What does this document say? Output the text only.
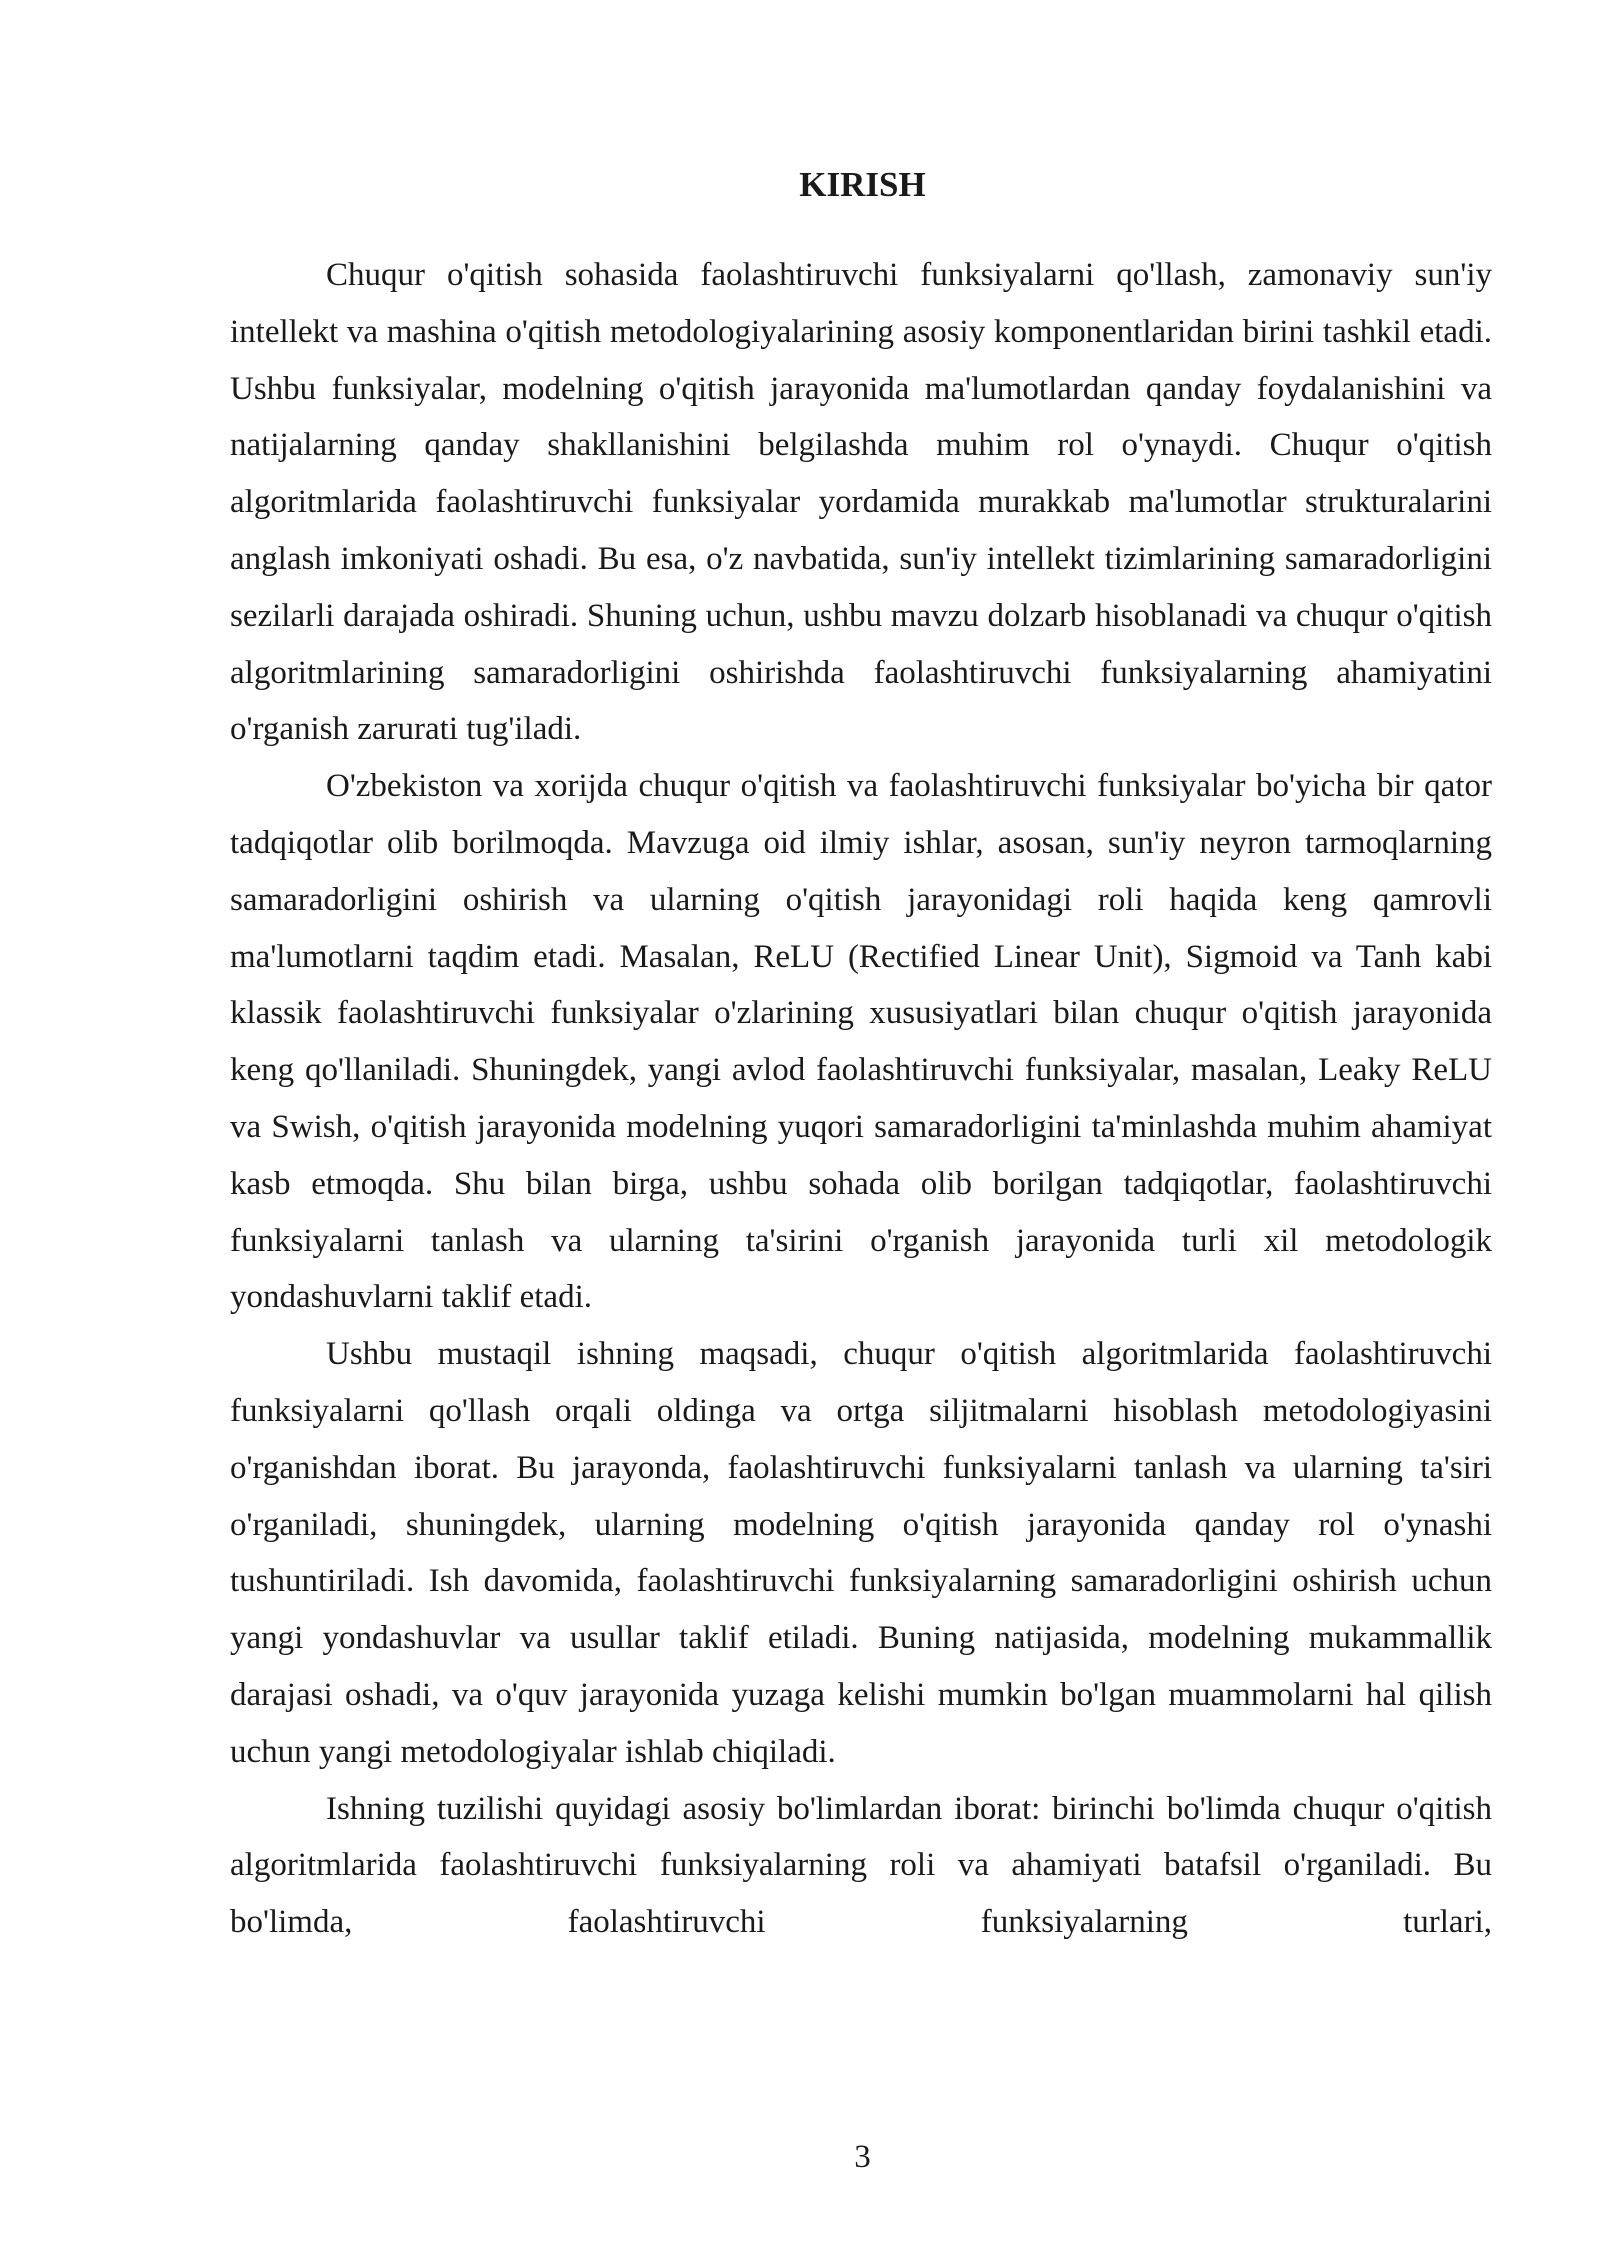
KIRISH

Chuqur o'qitish sohasida faolashtiruvchi funksiyalarni qo'llash, zamonaviy sun'iy intellekt va mashina o'qitish metodologiyalarining asosiy komponentlaridan birini tashkil etadi. Ushbu funksiyalar, modelning o'qitish jarayonida ma'lumotlardan qanday foydalanishini va natijalarning qanday shakllanishini belgilashda muhim rol o'ynaydi. Chuqur o'qitish algoritmlarida faolashtiruvchi funksiyalar yordamida murakkab ma'lumotlar strukturalarini anglash imkoniyati oshadi. Bu esa, o'z navbatida, sun'iy intellekt tizimlarining samaradorligini sezilarli darajada oshiradi. Shuning uchun, ushbu mavzu dolzarb hisoblanadi va chuqur o'qitish algoritmlarining samaradorligini oshirishda faolashtiruvchi funksiyalarning ahamiyatini o'rganish zarurati tug'iladi.

O'zbekiston va xorijda chuqur o'qitish va faolashtiruvchi funksiyalar bo'yicha bir qator tadqiqotlar olib borilmoqda. Mavzuga oid ilmiy ishlar, asosan, sun'iy neyron tarmoqlarning samaradorligini oshirish va ularning o'qitish jarayonidagi roli haqida keng qamrovli ma'lumotlarni taqdim etadi. Masalan, ReLU (Rectified Linear Unit), Sigmoid va Tanh kabi klassik faolashtiruvchi funksiyalar o'zlarining xususiyatlari bilan chuqur o'qitish jarayonida keng qo'llaniladi. Shuningdek, yangi avlod faolashtiruvchi funksiyalar, masalan, Leaky ReLU va Swish, o'qitish jarayonida modelning yuqori samaradorligini ta'minlashda muhim ahamiyat kasb etmoqda. Shu bilan birga, ushbu sohada olib borilgan tadqiqotlar, faolashtiruvchi funksiyalarni tanlash va ularning ta'sirini o'rganish jarayonida turli xil metodologik yondashuvlarni taklif etadi.

Ushbu mustaqil ishning maqsadi, chuqur o'qitish algoritmlarida faolashtiruvchi funksiyalarni qo'llash orqali oldinga va ortga siljitmalarni hisoblash metodologiyasini o'rganishdan iborat. Bu jarayonda, faolashtiruvchi funksiyalarni tanlash va ularning ta'siri o'rganiladi, shuningdek, ularning modelning o'qitish jarayonida qanday rol o'ynashi tushuntiriladi. Ish davomida, faolashtiruvchi funksiyalarning samaradorligini oshirish uchun yangi yondashuvlar va usullar taklif etiladi. Buning natijasida, modelning mukammallik darajasi oshadi, va o'quv jarayonida yuzaga kelishi mumkin bo'lgan muammolarni hal qilish uchun yangi metodologiyalar ishlab chiqiladi.

Ishning tuzilishi quyidagi asosiy bo'limlardan iborat: birinchi bo'limda chuqur o'qitish algoritmlarida faolashtiruvchi funksiyalarning roli va ahamiyati batafsil o'rganiladi. Bu bo'limda, faolashtiruvchi funksiyalarning turlari,

3
